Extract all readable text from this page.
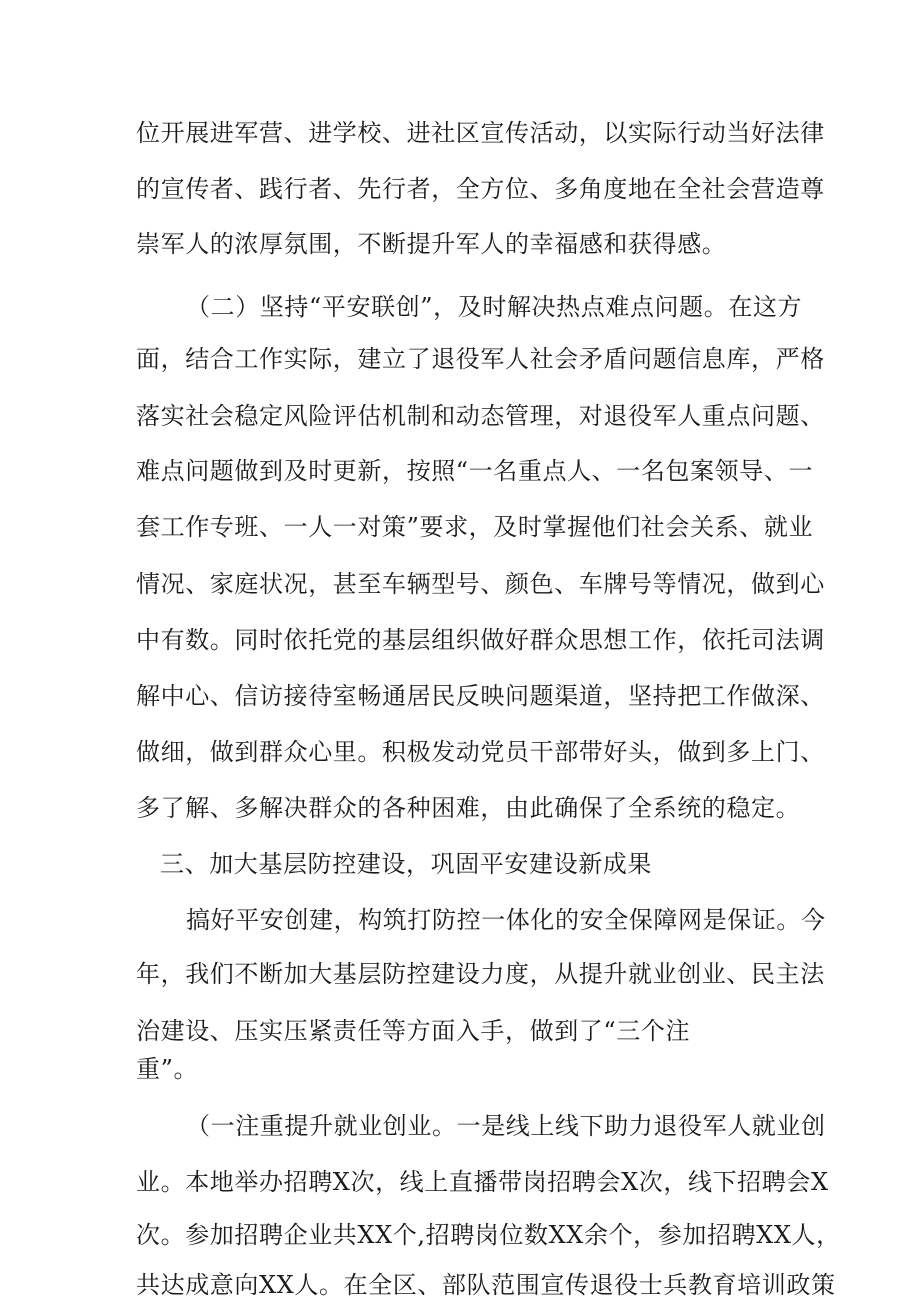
位开展进军营、进学校、进社区宣传活动，以实际行动当好法律
的宣传者、践行者、先行者，全方位、多角度地在全社会营造尊
崇军人的浓厚氛围，不断提升军人的幸福感和获得感。
（二）坚持“平安联创”，及时解决热点难点问题。在这方
面，结合工作实际，建立了退役军人社会矛盾问题信息库，严格
落实社会稳定风险评估机制和动态管理，对退役军人重点问题、
难点问题做到及时更新，按照“一名重点人、一名包案领导、一
套工作专班、一人一对策”要求，及时掌握他们社会关系、就业
情况、家庭状况，甚至车辆型号、颜色、车牌号等情况，做到心
中有数。同时依托党的基层组织做好群众思想工作，依托司法调
解中心、信访接待室畅通居民反映问题渠道，坚持把工作做深、
做细，做到群众心里。积极发动党员干部带好头，做到多上门、
多了解、多解决群众的各种困难，由此确保了全系统的稳定。
三、加大基层防控建设，巩固平安建设新成果
搞好平安创建，构筑打防控一体化的安全保障网是保证。今
年，我们不断加大基层防控建设力度，从提升就业创业、民主法
治建设、压实压紧责任等方面入手，做到了“三个注
重”。
（一注重提升就业创业。一是线上线下助力退役军人就业创
业。本地举办招聘X次，线上直播带岗招聘会X次，线下招聘会X
次。参加招聘企业共XX个,招聘岗位数XX余个，参加招聘XX人，
共达成意向XX人。在全区、部队范围宣传退役士兵教育培训政策
